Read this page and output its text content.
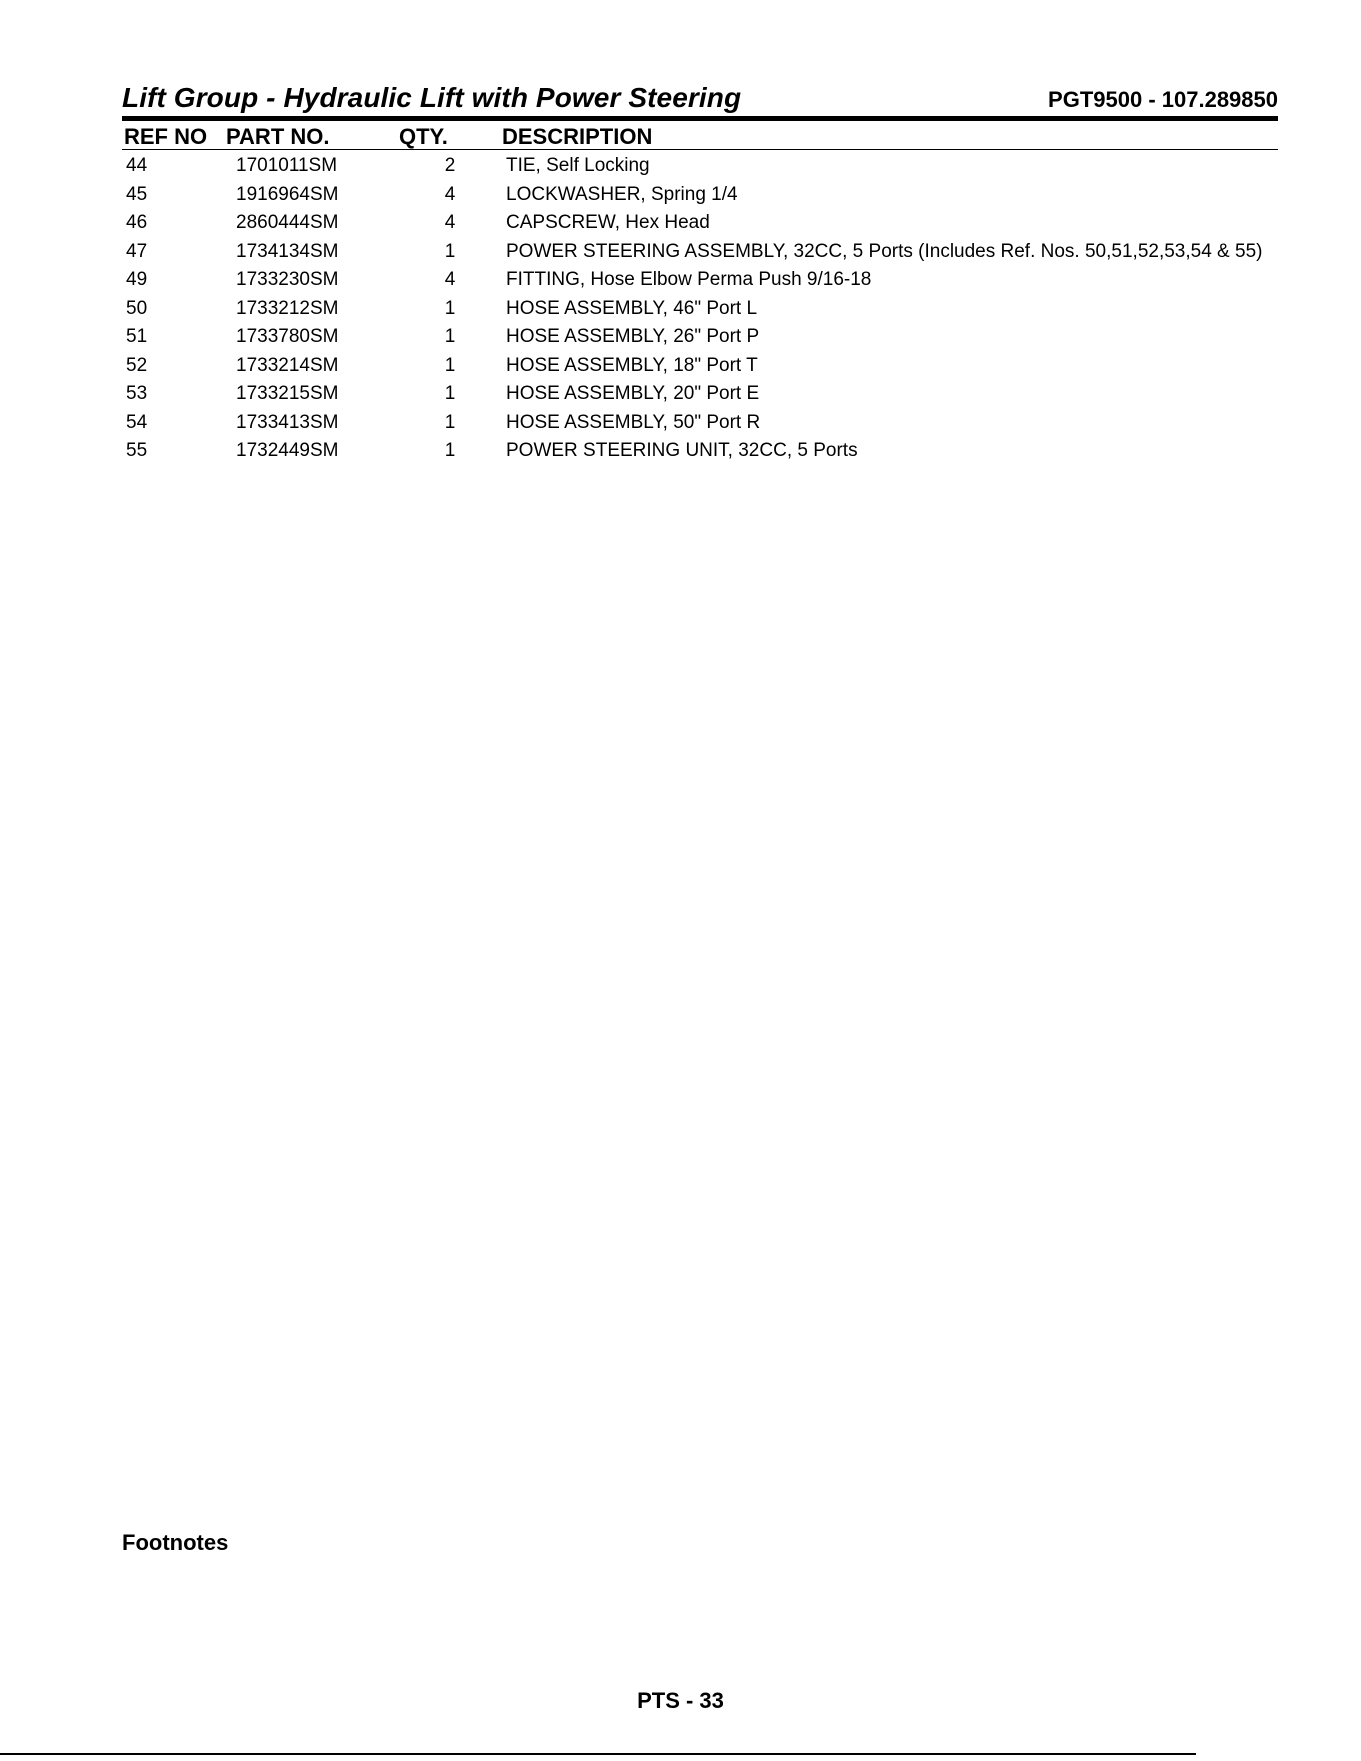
Lift Group - Hydraulic Lift with Power Steering	PGT9500 - 107.289850
REF NO PART NO.	QTY. DESCRIPTION
44	1701011SM	2	TIE, Self Locking
45	1916964SM	4	LOCKWASHER, Spring 1/4
46	2860444SM	4	CAPSCREW, Hex Head
47	1734134SM	1	POWER STEERING ASSEMBLY, 32CC, 5 Ports (Includes Ref. Nos. 50,51,52,53,54 & 55)
49	1733230SM	4	FITTING, Hose Elbow Perma Push 9/16-18
50	1733212SM	1	HOSE ASSEMBLY, 46" Port L
51	1733780SM	1	HOSE ASSEMBLY, 26" Port P
52	1733214SM	1	HOSE ASSEMBLY, 18" Port T
53	1733215SM	1	HOSE ASSEMBLY, 20" Port E
54	1733413SM	1	HOSE ASSEMBLY, 50" Port R
55	1732449SM	1	POWER STEERING UNIT, 32CC, 5 Ports
Footnotes
PTS - 33
